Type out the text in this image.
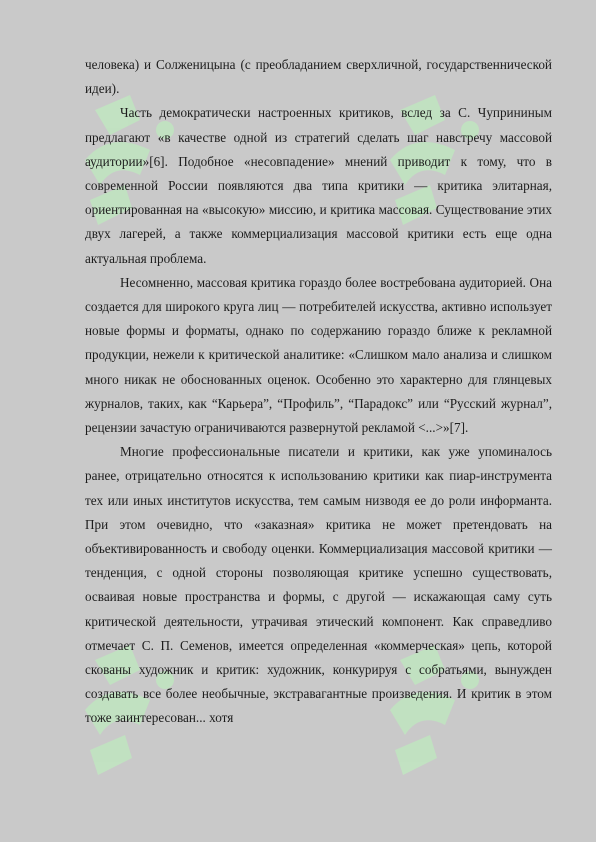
человека) и Солженицына (с преобладанием сверхличной, государственнической идеи).

Часть демократически настроенных критиков, вслед за С. Чуприниным предлагают «в качестве одной из стратегий сделать шаг навстречу массовой аудитории»[6]. Подобное «несовпадение» мнений приводит к тому, что в современной России появляются два типа критики — критика элитарная, ориентированная на «высокую» миссию, и критика массовая. Существование этих двух лагерей, а также коммерциализация массовой критики есть еще одна актуальная проблема.

Несомненно, массовая критика гораздо более востребована аудиторией. Она создается для широкого круга лиц — потребителей искусства, активно использует новые формы и форматы, однако по содержанию гораздо ближе к рекламной продукции, нежели к критической аналитике: «Слишком мало анализа и слишком много никак не обоснованных оценок. Особенно это характерно для глянцевых журналов, таких, как “Карьера”, “Профиль”, “Парадокс” или “Русский журнал”, рецензии зачастую ограничиваются развернутой рекламой <...>»[7].

Многие профессиональные писатели и критики, как уже упоминалось ранее, отрицательно относятся к использованию критики как пиар-инструмента тех или иных институтов искусства, тем самым низводя ее до роли информанта. При этом очевидно, что «заказная» критика не может претендовать на объективированность и свободу оценки. Коммерциализация массовой критики — тенденция, с одной стороны позволяющая критике успешно существовать, осваивая новые пространства и формы, с другой — искажающая саму суть критической деятельности, утрачивая этический компонент. Как справедливо отмечает С. П. Семенов, имеется определенная «коммерческая» цепь, которой скованы художник и критик: художник, конкурируя с собратьями, вынужден создавать все более необычные, экстравагантные произведения. И критик в этом тоже заинтересован... хотя
